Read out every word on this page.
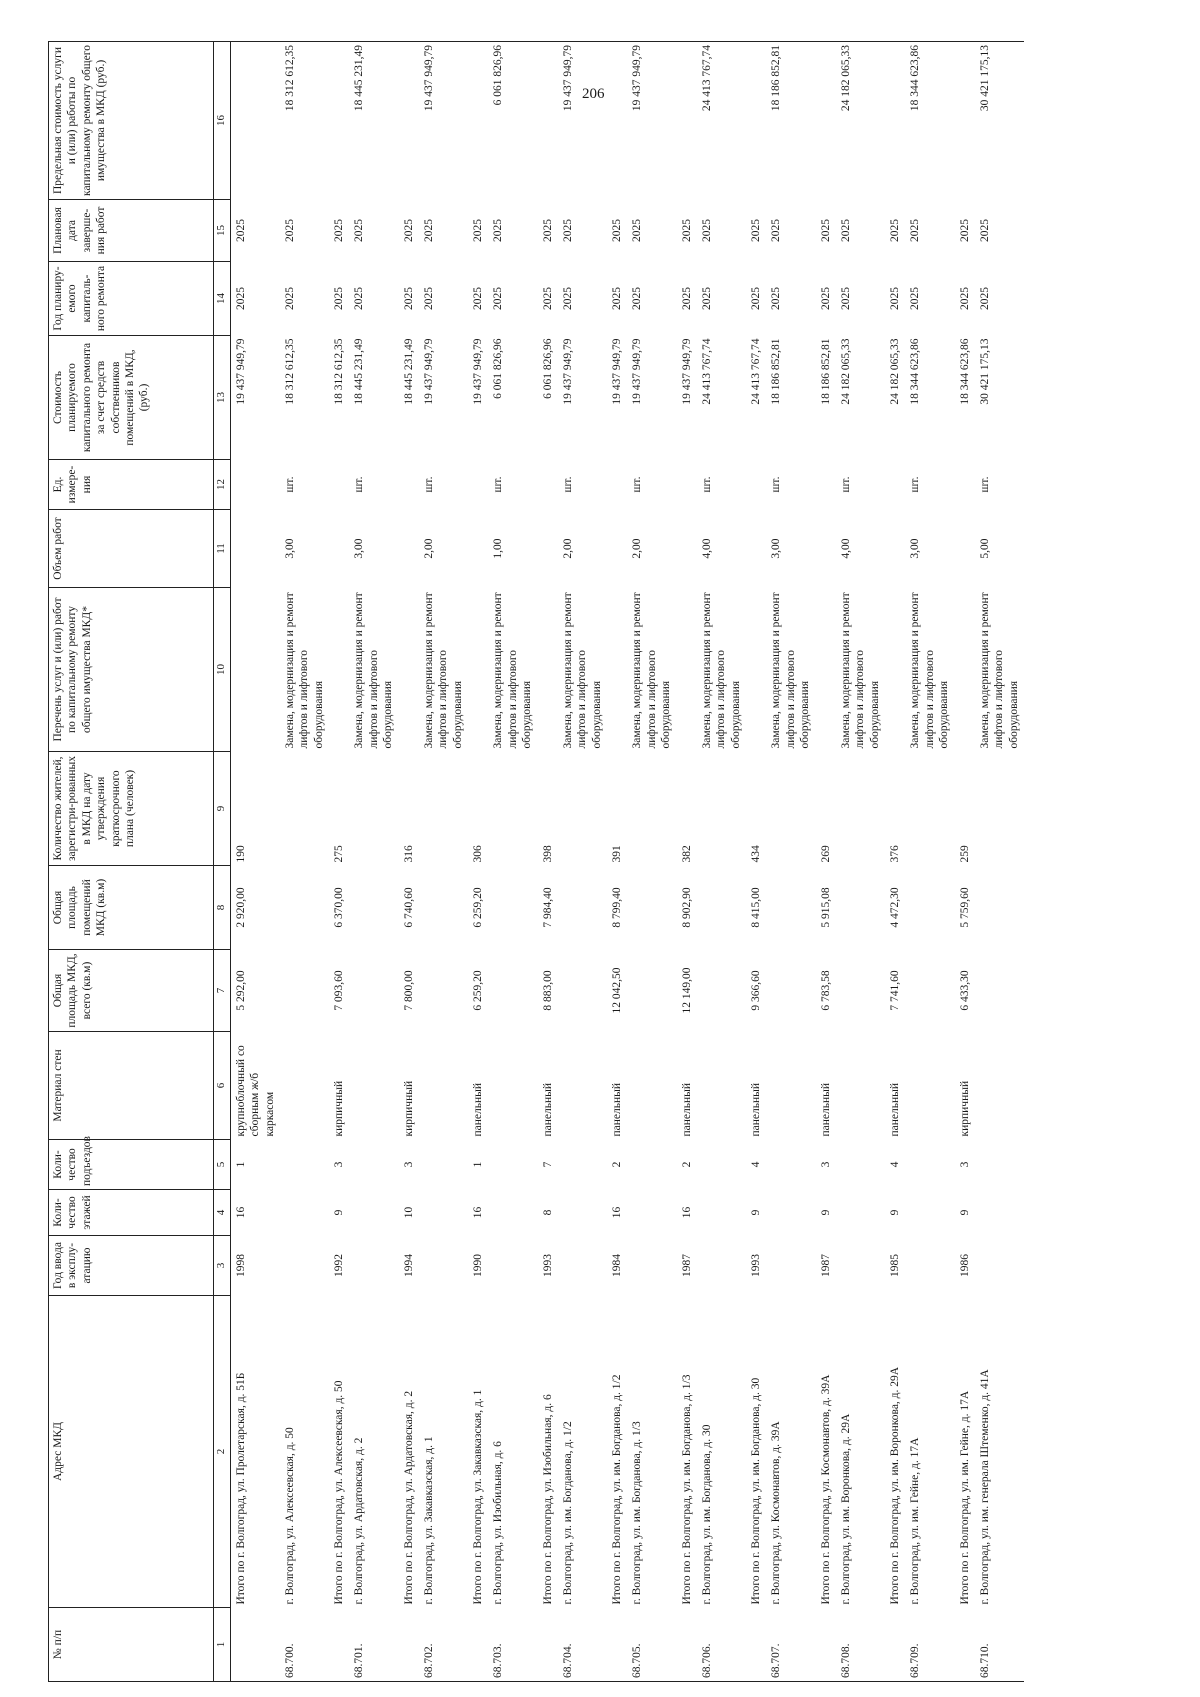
206
№ п/п	Адрес МКД	Год ввода в эксплу-атацию	Коли-чество этажей	Коли-чество подъездов	Материал стен	Общая площадь МКД, всего (кв.м)	Общая площадь помещений МКД (кв.м)	Количество жителей, зарегистри-рованных в МКД на дату утверждения краткосрочного плана (человек)	Перечень услуг и (или) работ по капитальному ремонту общего имущества МКД*	Объем работ	Ед. измере-ния	Стоимость планируемого капитального ремонта за счет средств собственников помещений в МКД, (руб.)	Год планиру-емого капиталь-ного ремонта	Плановая дата заверше-ния работ	Предельная стоимость услуги и (или) работы по капитальному ремонту общего имущества в МКД (руб.)
1	2	3	4	5	6	7	8	9	10	11	12	13	14	15	16
	Итого по г. Волгоград, ул. Пролетарская, д. 51Б	1998	16	1	крупноблочный со сборным ж/б каркасом	5 292,00	2 920,00	190				19 437 949,79	2025	2025	
68.700.	г. Волгоград, ул. Алексеевская, д. 50								Замена, модернизация и ремонт лифтов и лифтового оборудования	3,00	шт.	18 312 612,35	2025	2025	18 312 612,35
	Итого по г. Волгоград, ул. Алексеевская, д. 50	1992	9	3	кирпичный	7 093,60	6 370,00	275				18 312 612,35	2025	2025	
68.701.	г. Волгоград, ул. Ардатовская, д. 2								Замена, модернизация и ремонт лифтов и лифтового оборудования	3,00	шт.	18 445 231,49	2025	2025	18 445 231,49
	Итого по г. Волгоград, ул. Ардатовская, д. 2	1994	10	3	кирпичный	7 800,00	6 740,60	316				18 445 231,49	2025	2025	
68.702.	г. Волгоград, ул. Закавказская, д. 1								Замена, модернизация и ремонт лифтов и лифтового оборудования	2,00	шт.	19 437 949,79	2025	2025	19 437 949,79
	Итого по г. Волгоград, ул. Закавказская, д. 1	1990	16	1	панельный	6 259,20	6 259,20	306				19 437 949,79	2025	2025	
68.703.	г. Волгоград, ул. Изобильная, д. 6								Замена, модернизация и ремонт лифтов и лифтового оборудования	1,00	шт.	6 061 826,96	2025	2025	6 061 826,96
	Итого по г. Волгоград, ул. Изобильная, д. 6	1993	8	7	панельный	8 883,00	7 984,40	398				6 061 826,96	2025	2025	
68.704.	г. Волгоград, ул. им. Богданова, д. 1/2								Замена, модернизация и ремонт лифтов и лифтового оборудования	2,00	шт.	19 437 949,79	2025	2025	19 437 949,79
	Итого по г. Волгоград, ул. им. Богданова, д. 1/2	1984	16	2	панельный	12 042,50	8 799,40	391				19 437 949,79	2025	2025	
68.705.	г. Волгоград, ул. им. Богданова, д. 1/3								Замена, модернизация и ремонт лифтов и лифтового оборудования	2,00	шт.	19 437 949,79	2025	2025	19 437 949,79
	Итого по г. Волгоград, ул. им. Богданова, д. 1/3	1987	16	2	панельный	12 149,00	8 902,90	382				19 437 949,79	2025	2025	
68.706.	г. Волгоград, ул. им. Богданова, д. 30								Замена, модернизация и ремонт лифтов и лифтового оборудования	4,00	шт.	24 413 767,74	2025	2025	24 413 767,74
	Итого по г. Волгоград, ул. им. Богданова, д. 30	1993	9	4	панельный	9 366,60	8 415,00	434				24 413 767,74	2025	2025	
68.707.	г. Волгоград, ул. Космонавтов, д. 39А								Замена, модернизация и ремонт лифтов и лифтового оборудования	3,00	шт.	18 186 852,81	2025	2025	18 186 852,81
	Итого по г. Волгоград, ул. Космонавтов, д. 39А	1987	9	3	панельный	6 783,58	5 915,08	269				18 186 852,81	2025	2025	
68.708.	г. Волгоград, ул. им. Воронкова, д. 29А								Замена, модернизация и ремонт лифтов и лифтового оборудования	4,00	шт.	24 182 065,33	2025	2025	24 182 065,33
	Итого по г. Волгоград, ул. им. Воронкова, д. 29А	1985	9	4	панельный	7 741,60	4 472,30	376				24 182 065,33	2025	2025	
68.709.	г. Волгоград, ул. им. Гейне, д. 17А								Замена, модернизация и ремонт лифтов и лифтового оборудования	3,00	шт.	18 344 623,86	2025	2025	18 344 623,86
	Итого по г. Волгоград, ул. им. Гейне, д. 17А	1986	9	3	кирпичный	6 433,30	5 759,60	259				18 344 623,86	2025	2025	
68.710.	г. Волгоград, ул. им. генерала Штеменко, д. 41А								Замена, модернизация и ремонт лифтов и лифтового оборудования	5,00	шт.	30 421 175,13	2025	2025	30 421 175,13
